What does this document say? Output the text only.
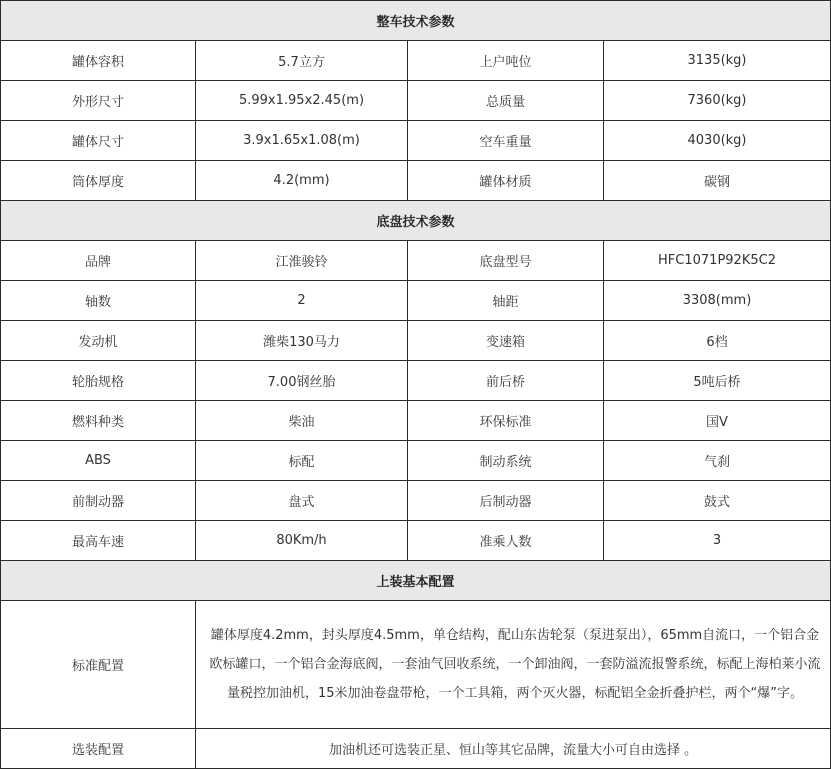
整车技术参数			
罐体容积	5.7立方	上户吨位	3135(kg)
外形尺寸	5.99x1.95x2.45(m)	总质量	7360(kg)
罐体尺寸	3.9x1.65x1.08(m)	空车重量	4030(kg)
筒体厚度	4.2(mm)	罐体材质	碳钢
底盘技术参数			
品牌	江淮骏铃	底盘型号	HFC1071P92K5C2
轴数	2	轴距	3308(mm)
发动机	潍柴130马力	变速箱	6档
轮胎规格	7.00钢丝胎	前后桥	5吨后桥
燃料种类	柴油	环保标准	国V
ABS	标配	制动系统	气刹
前制动器	盘式	后制动器	鼓式
最高车速	80Km/h	准乘人数	3
上装基本配置			
标准配置	罐体厚度4.2mm，封头厚度4.5mm，单仓结构，配山东齿轮泵（泵进泵出），65mm自流口，一个铝合金欧标罐口，一个铝合金海底阀，一套油气回收系统，一个卸油阀，一套防溢流报警系统，标配上海柏莱小流量税控加油机，15米加油卷盘带枪，一个工具箱，两个灭火器，标配铝全金折叠护栏，两个“爆”字。		
选装配置	加油机还可选装正星、恒山等其它品牌，流量大小可自由选择 。		
